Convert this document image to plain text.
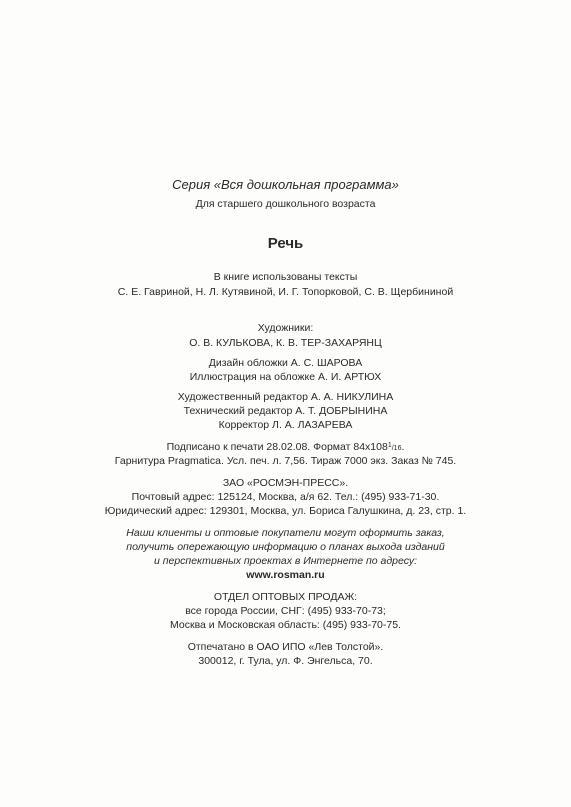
Серия «Вся дошкольная программа»

Для старшего дошкольного возраста

Речь

В книге использованы тексты

С. Е. Гавриной, Н. Л. Кутявиной, И. Г. Топорковой, С. В. Щербининой

Художники:

О. В. КУЛЬКОВА, К. В. ТЕР-ЗАХАРЯНЦ

Дизайн обложки А. С. ШАРОВА

Иллюстрация на обложке А. И. АРТЮХ

Художественный редактор А. А. НИКУЛИНА

Технический редактор А. Т. ДОБРЫНИНА

Корректор Л. А. ЛАЗАРЕВА

Подписано к печати 28.02.08. Формат $84x108^1/16$.

Гарнитура Pragmatica. Усл. печ. л. 7,56. Тираж 7000 экз. Заказ № 745.

ЗАО «РОСМЭН-ПРЕСС».

Почтовый адрес: 125124, Москва, а/я 62. Тел.: (495) 933-71-30.

Юридический адрес: 129301, Москва, ул. Бориса Галушкина, д. 23, стр. 1.

Наши клиенты и оптовые покупатели могут оформить заказ,

получить опережающую информацию о планах выхода изданий

и перспективных проектах в Интернете по адресу:

www.rosman.ru

ОТДЕЛ ОПТОВЫХ ПРОДАЖ:

все города России, СНГ: (495) 933-70-73;

Москва и Московская область: (495) 933-70-75.

Отпечатано в ОАО ИПО «Лев Толстой».

300012, г. Тула, ул. Ф. Энгельса, 70.
